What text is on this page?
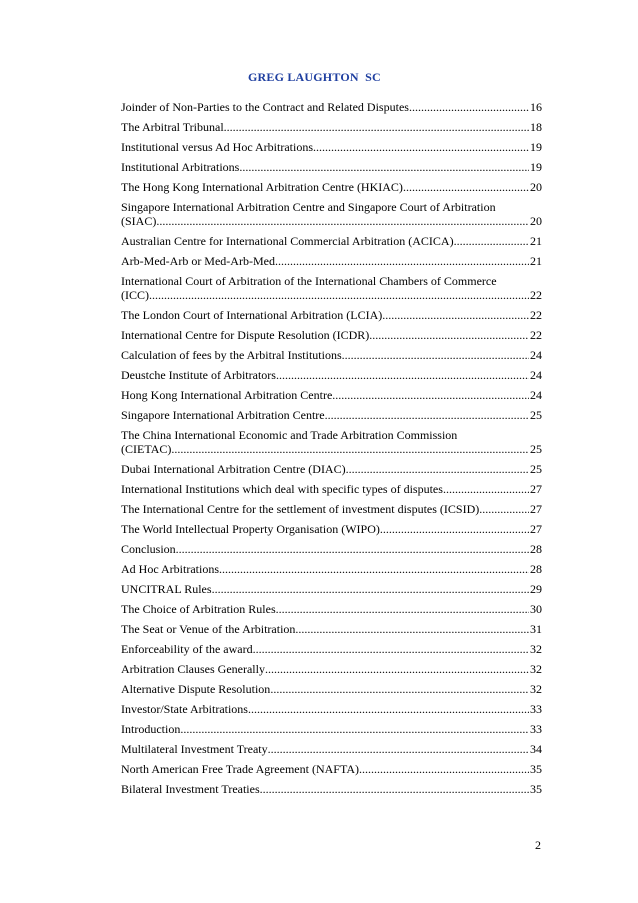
GREG LAUGHTON  SC
Joinder of Non-Parties to the Contract and Related Disputes .....	16
The Arbitral Tribunal .....	18
Institutional versus Ad Hoc Arbitrations .....	19
Institutional Arbitrations .....	19
The Hong Kong International Arbitration Centre (HKIAC) .....	20
Singapore International Arbitration Centre and Singapore Court of Arbitration
(SIAC) .....	20
Australian Centre for International Commercial Arbitration (ACICA) .....	21
Arb-Med-Arb or Med-Arb-Med .....	21
International Court of Arbitration of the International Chambers of Commerce
(ICC) .....	22
The London Court of International Arbitration (LCIA) .....	22
International Centre for Dispute Resolution (ICDR) .....	22
Calculation of fees by the Arbitral Institutions .....	24
Deustche Institute of Arbitrators .....	24
Hong Kong International Arbitration Centre .....	24
Singapore International Arbitration Centre .....	25
The China International Economic and Trade Arbitration Commission
(CIETAC) .....	25
Dubai International Arbitration Centre (DIAC) .....	25
International Institutions which deal with specific types of disputes .....	27
The International Centre for the settlement of investment disputes (ICSID) .....	27
The World Intellectual Property Organisation (WIPO) .....	27
Conclusion .....	28
Ad Hoc Arbitrations .....	28
UNCITRAL Rules .....	29
The Choice of Arbitration Rules .....	30
The Seat or Venue of the Arbitration .....	31
Enforceability of the award .....	32
Arbitration Clauses Generally .....	32
Alternative Dispute Resolution .....	32
Investor/State Arbitrations .....	33
Introduction .....	33
Multilateral Investment Treaty .....	34
North American Free Trade Agreement (NAFTA) .....	35
Bilateral Investment Treaties .....	35
2
